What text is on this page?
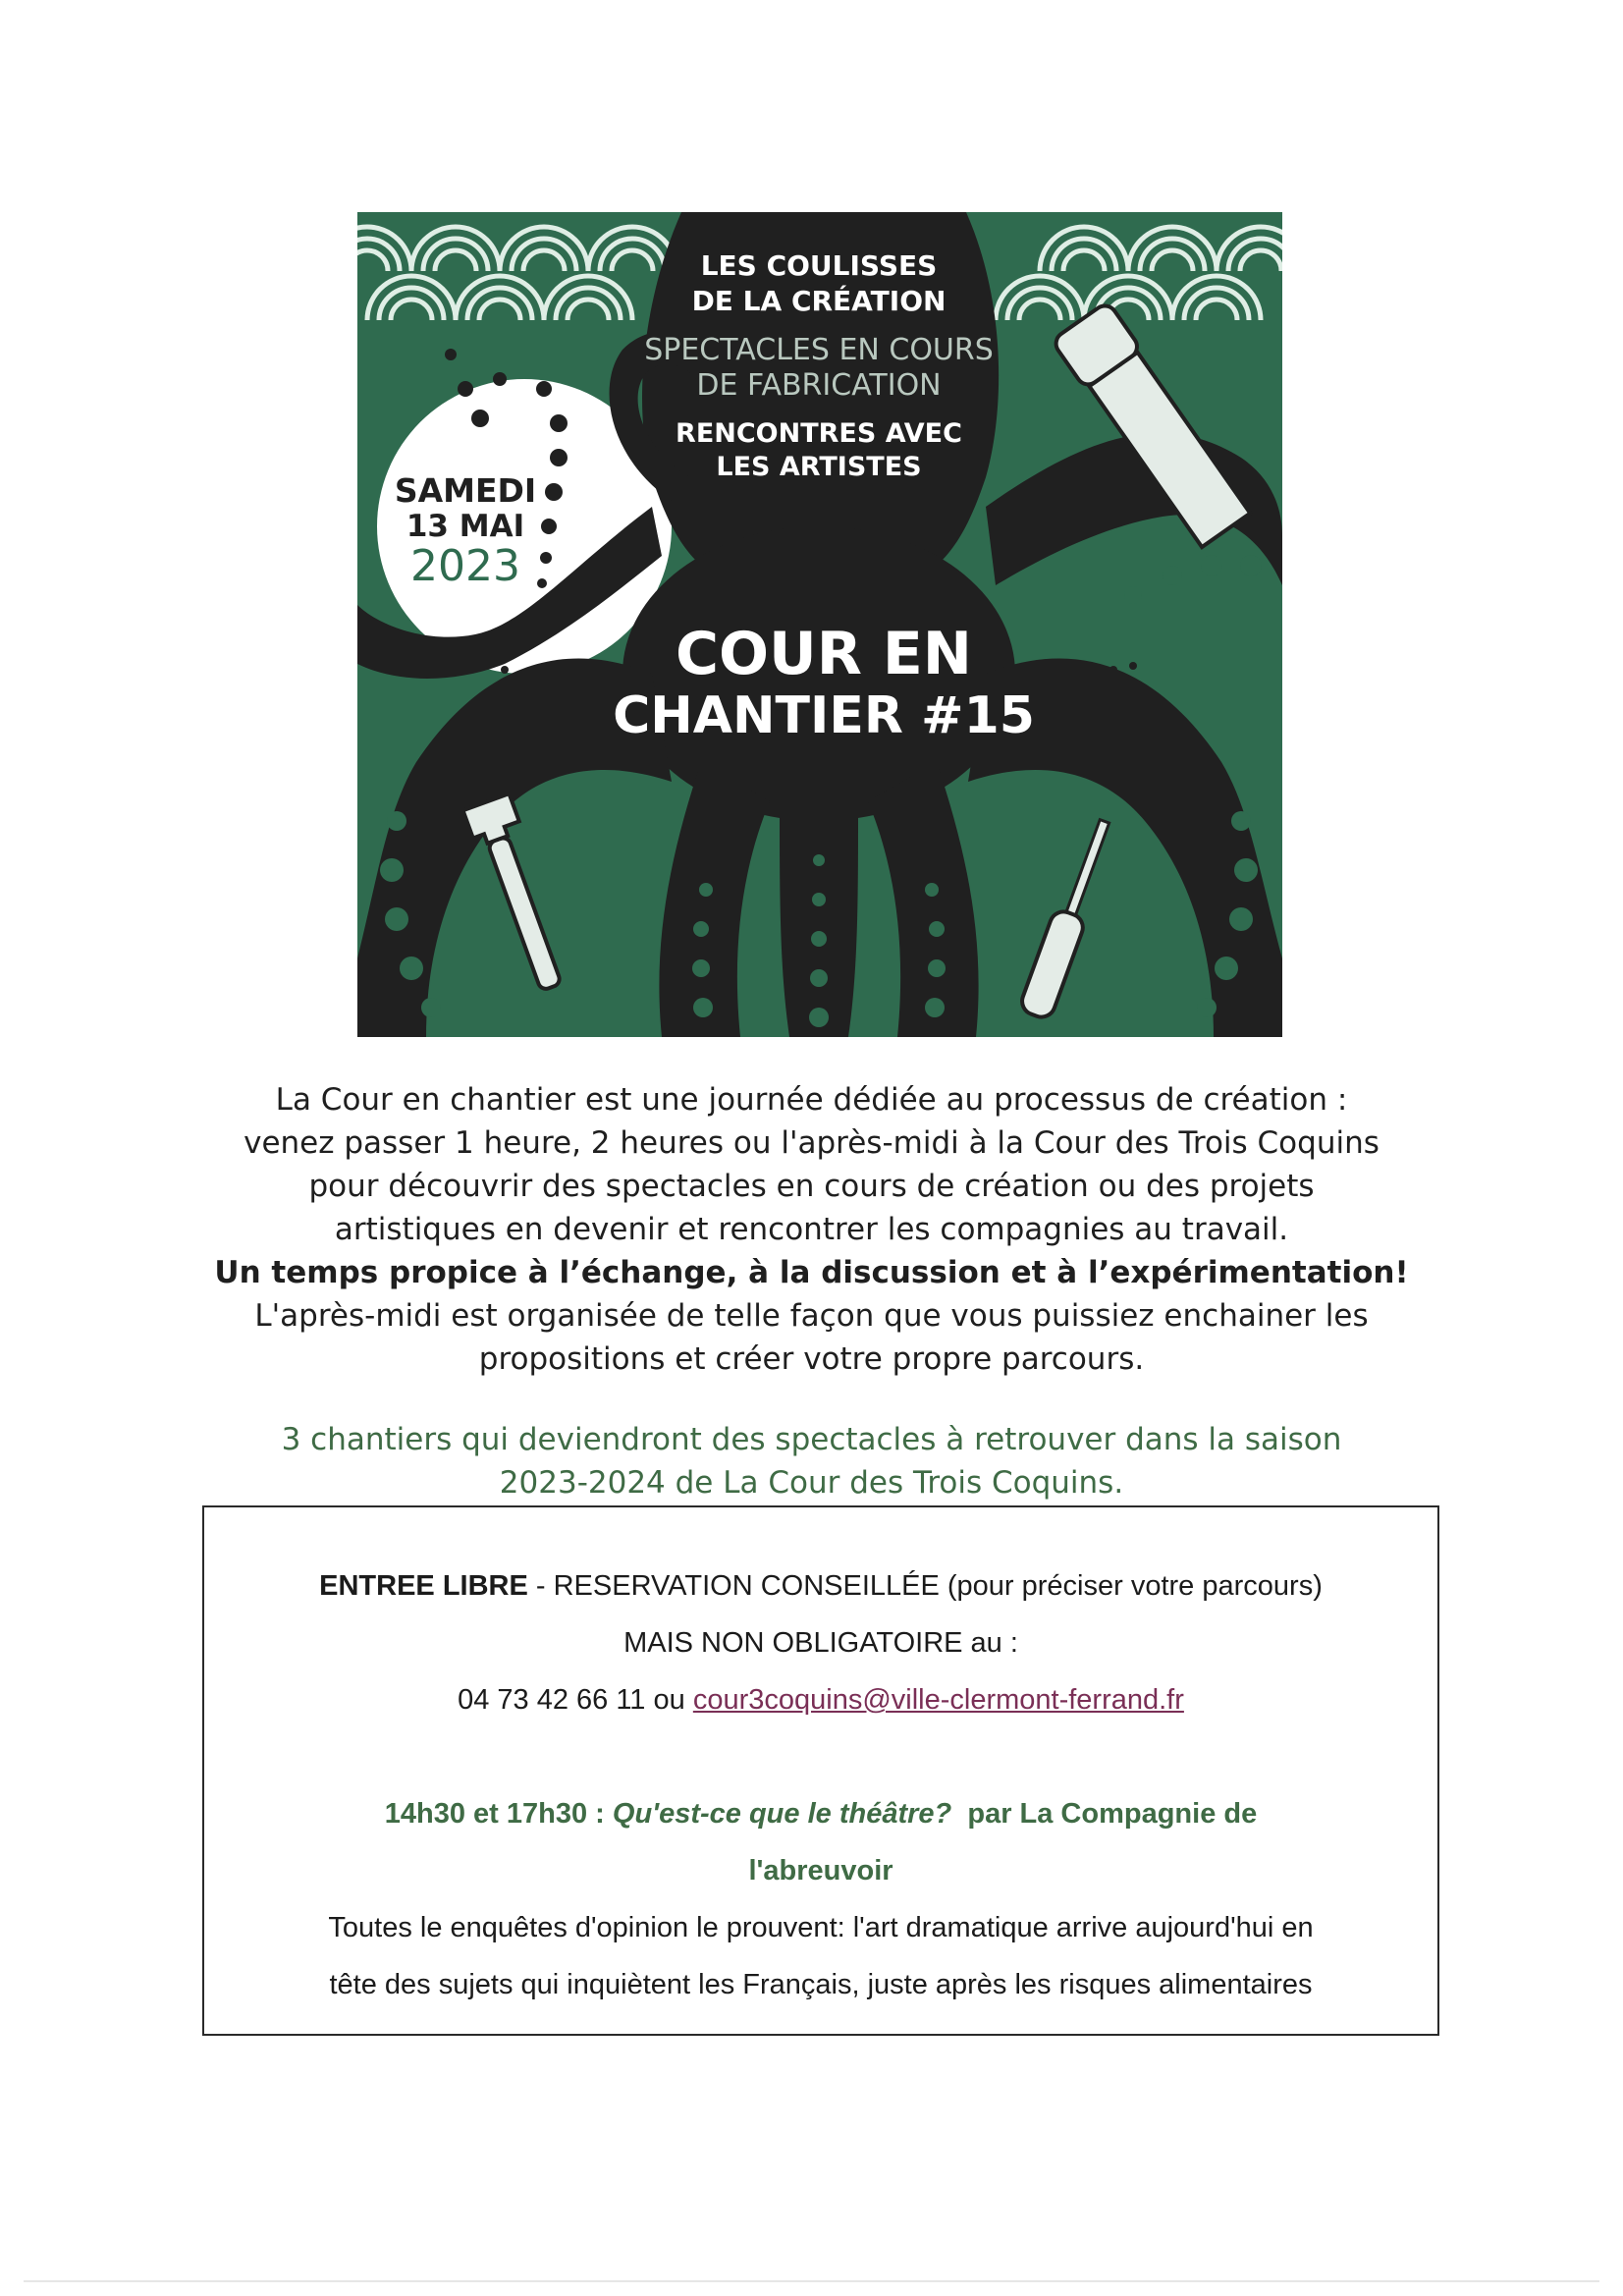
LES COULISSES
DE LA CRÉATION
SPECTACLES EN COURS
DE FABRICATION
RENCONTRES AVEC
LES ARTISTES
SAMEDI
13 MAI
2023
COUR EN
CHANTIER #15

La Cour en chantier est une journée dédiée au processus de création :

venez passer 1 heure, 2 heures ou l'après-midi à la Cour des Trois Coquins

pour découvrir des spectacles en cours de création ou des projets

artistiques en devenir et rencontrer les compagnies au travail.

Un temps propice à l’échange, à la discussion et à l’expérimentation!

L'après-midi est organisée de telle façon que vous puissiez enchainer les

propositions et créer votre propre parcours.

3 chantiers qui deviendront des spectacles à retrouver dans la saison

2023-2024 de La Cour des Trois Coquins.

ENTREE LIBRE - RESERVATION CONSEILLÉE (pour préciser votre parcours)
MAIS NON OBLIGATOIRE au :
04 73 42 66 11 ou cour3coquins@ville-clermont-ferrand.fr
14h30 et 17h30 : Qu'est-ce que le théâtre?  par La Compagnie de
l'abreuvoir
Toutes le enquêtes d'opinion le prouvent: l'art dramatique arrive aujourd'hui en
tête des sujets qui inquiètent les Français, juste après les risques alimentaires
